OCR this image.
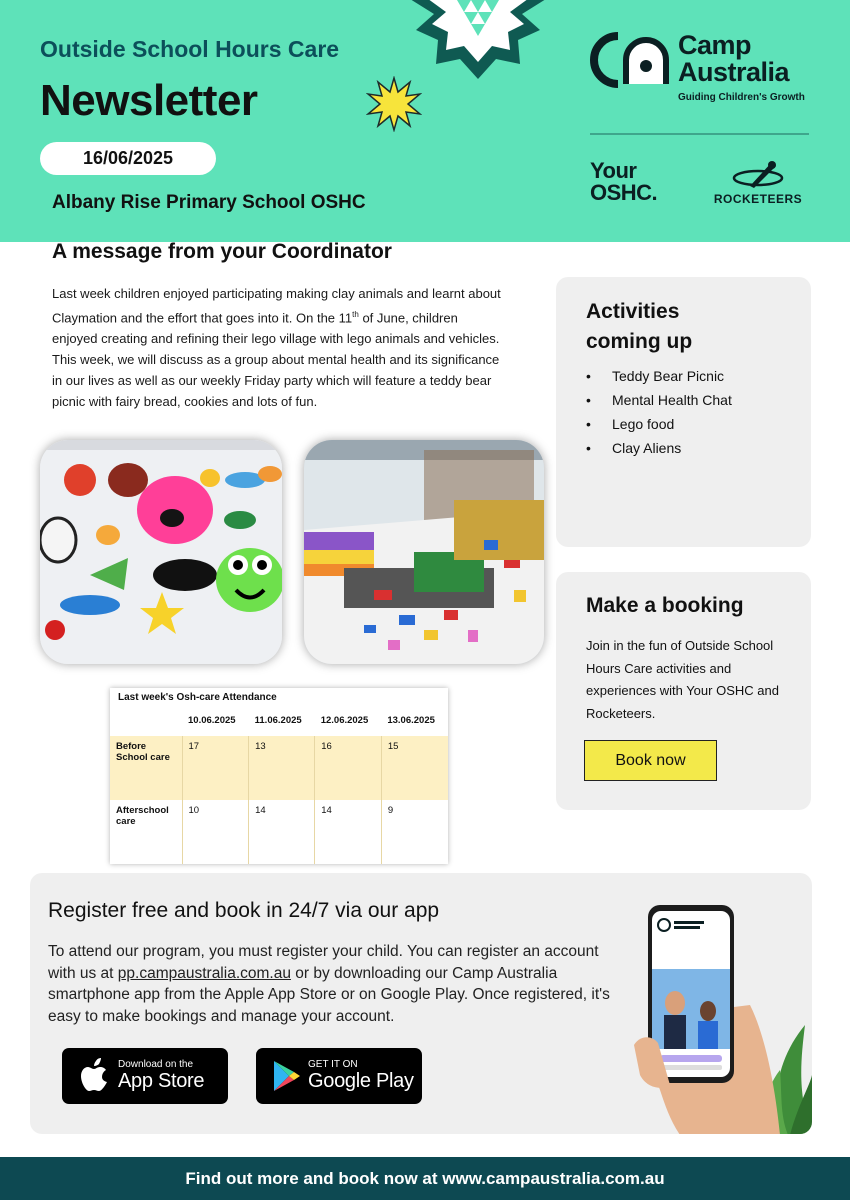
Outside School Hours Care
Newsletter
16/06/2025
Albany Rise Primary School OSHC
Camp
Australia
Guiding Children's Growth
Your
OSHC.	ROCKETEERS
A message from your Coordinator
Last week children enjoyed participating making clay animals and learnt about Claymation and the effort that goes into it. On the 11th of June, children enjoyed creating and refining their lego village with lego animals and vehicles. This week, we will discuss as a group about mental health and its significance in our lives as well as our weekly Friday party which will feature a teddy bear picnic with fairy bread, cookies and lots of fun.
Last week's Osh-care Attendance
	10.06.2025	11.06.2025	12.06.2025	13.06.2025
Before School care	17	13	16	15
Afterschool care	10	14	14	9
Activities
coming up
• Teddy Bear Picnic
• Mental Health Chat
• Lego food
• Clay Aliens
Make a booking

Join in the fun of Outside School Hours Care activities and experiences with Your OSHC and Rocketeers.

Book now
Register free and book in 24/7 via our app

To attend our program, you must register your child. You can register an account with us at pp.campaustralia.com.au or by downloading our Camp Australia smartphone app from the Apple App Store or on Google Play. Once registered, it's easy to make bookings and manage your account.

Download on the
App Store
GET IT ON
Google Play
Find out more and book now at www.campaustralia.com.au
